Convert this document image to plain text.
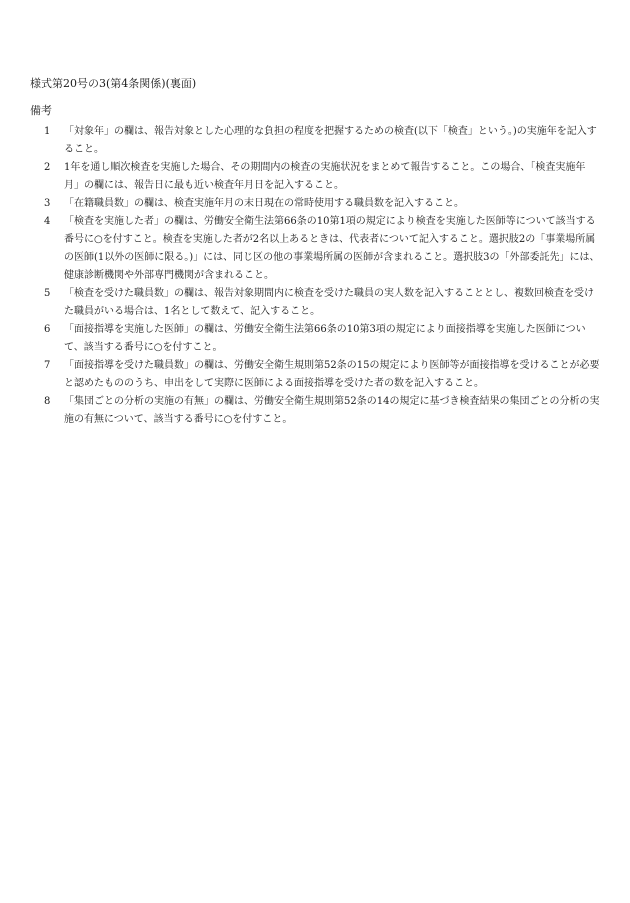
様式第20号の3(第4条関係)(裏面)
備考
1 「対象年」の欄は、報告対象とした心理的な負担の程度を把握するための検査(以下「検査」という。)の実施年を記入すること。
2 1年を通し順次検査を実施した場合、その期間内の検査の実施状況をまとめて報告すること。この場合、「検査実施年月」の欄には、報告日に最も近い検査年月日を記入すること。
3 「在籍職員数」の欄は、検査実施年月の末日現在の常時使用する職員数を記入すること。
4 「検査を実施した者」の欄は、労働安全衛生法第66条の10第1項の規定により検査を実施した医師等について該当する番号に○を付すこと。検査を実施した者が2名以上あるときは、代表者について記入すること。選択肢2の「事業場所属の医師(1以外の医師に限る。)」には、同じ区の他の事業場所属の医師が含まれること。選択肢3の「外部委託先」には、健康診断機関や外部専門機関が含まれること。
5 「検査を受けた職員数」の欄は、報告対象期間内に検査を受けた職員の実人数を記入することとし、複数回検査を受けた職員がいる場合は、1名として数えて、記入すること。
6 「面接指導を実施した医師」の欄は、労働安全衛生法第66条の10第3項の規定により面接指導を実施した医師について、該当する番号に○を付すこと。
7 「面接指導を受けた職員数」の欄は、労働安全衛生規則第52条の15の規定により医師等が面接指導を受けることが必要と認めたもののうち、申出をして実際に医師による面接指導を受けた者の数を記入すること。
8 「集団ごとの分析の実施の有無」の欄は、労働安全衛生規則第52条の14の規定に基づき検査結果の集団ごとの分析の実施の有無について、該当する番号に○を付すこと。
